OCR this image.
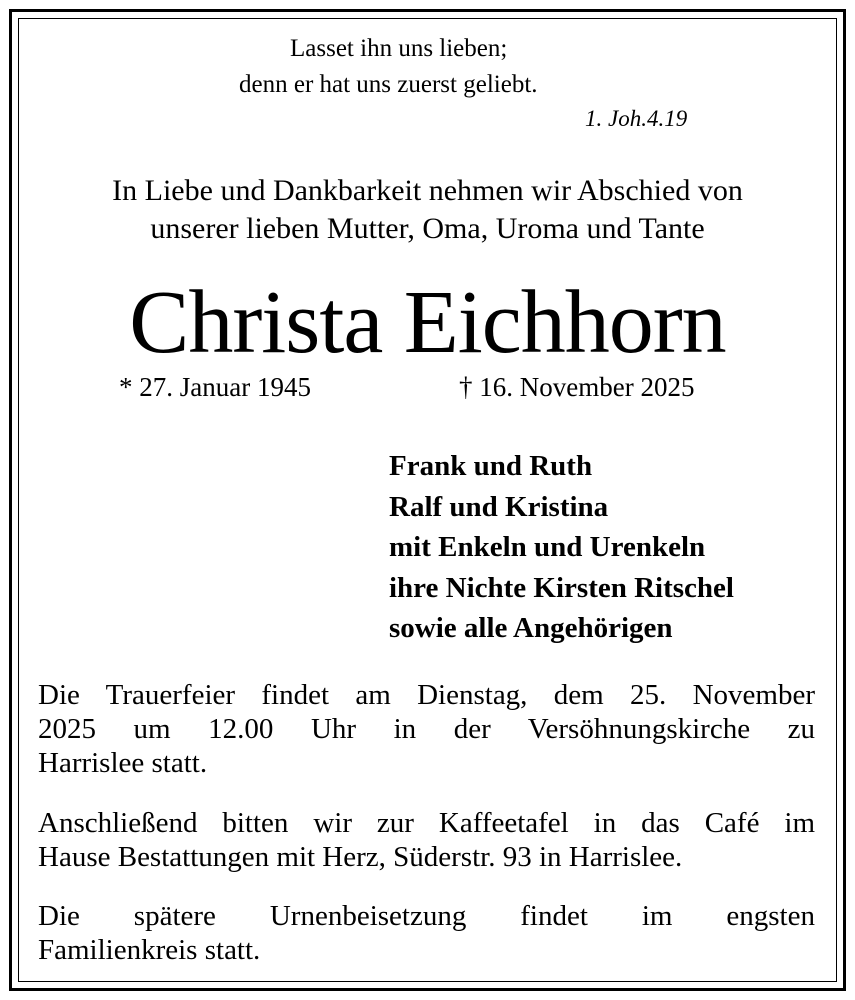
Lasset ihn uns lieben;
denn er hat uns zuerst geliebt.
1. Joh.4.19
In Liebe und Dankbarkeit nehmen wir Abschied von
unserer lieben Mutter, Oma, Uroma und Tante
Christa Eichhorn
* 27. Januar 1945	† 16. November 2025
Frank und Ruth
Ralf und Kristina
mit Enkeln und Urenkeln
ihre Nichte Kirsten Ritschel
sowie alle Angehörigen
Die Trauerfeier findet am Dienstag, dem 25. November
2025 um 12.00 Uhr in der Versöhnungskirche zu
Harrislee statt.
Anschließend bitten wir zur Kaffeetafel in das Café im
Hause Bestattungen mit Herz, Süderstr. 93 in Harrislee.
Die spätere Urnenbeisetzung findet im engsten
Familienkreis statt.
